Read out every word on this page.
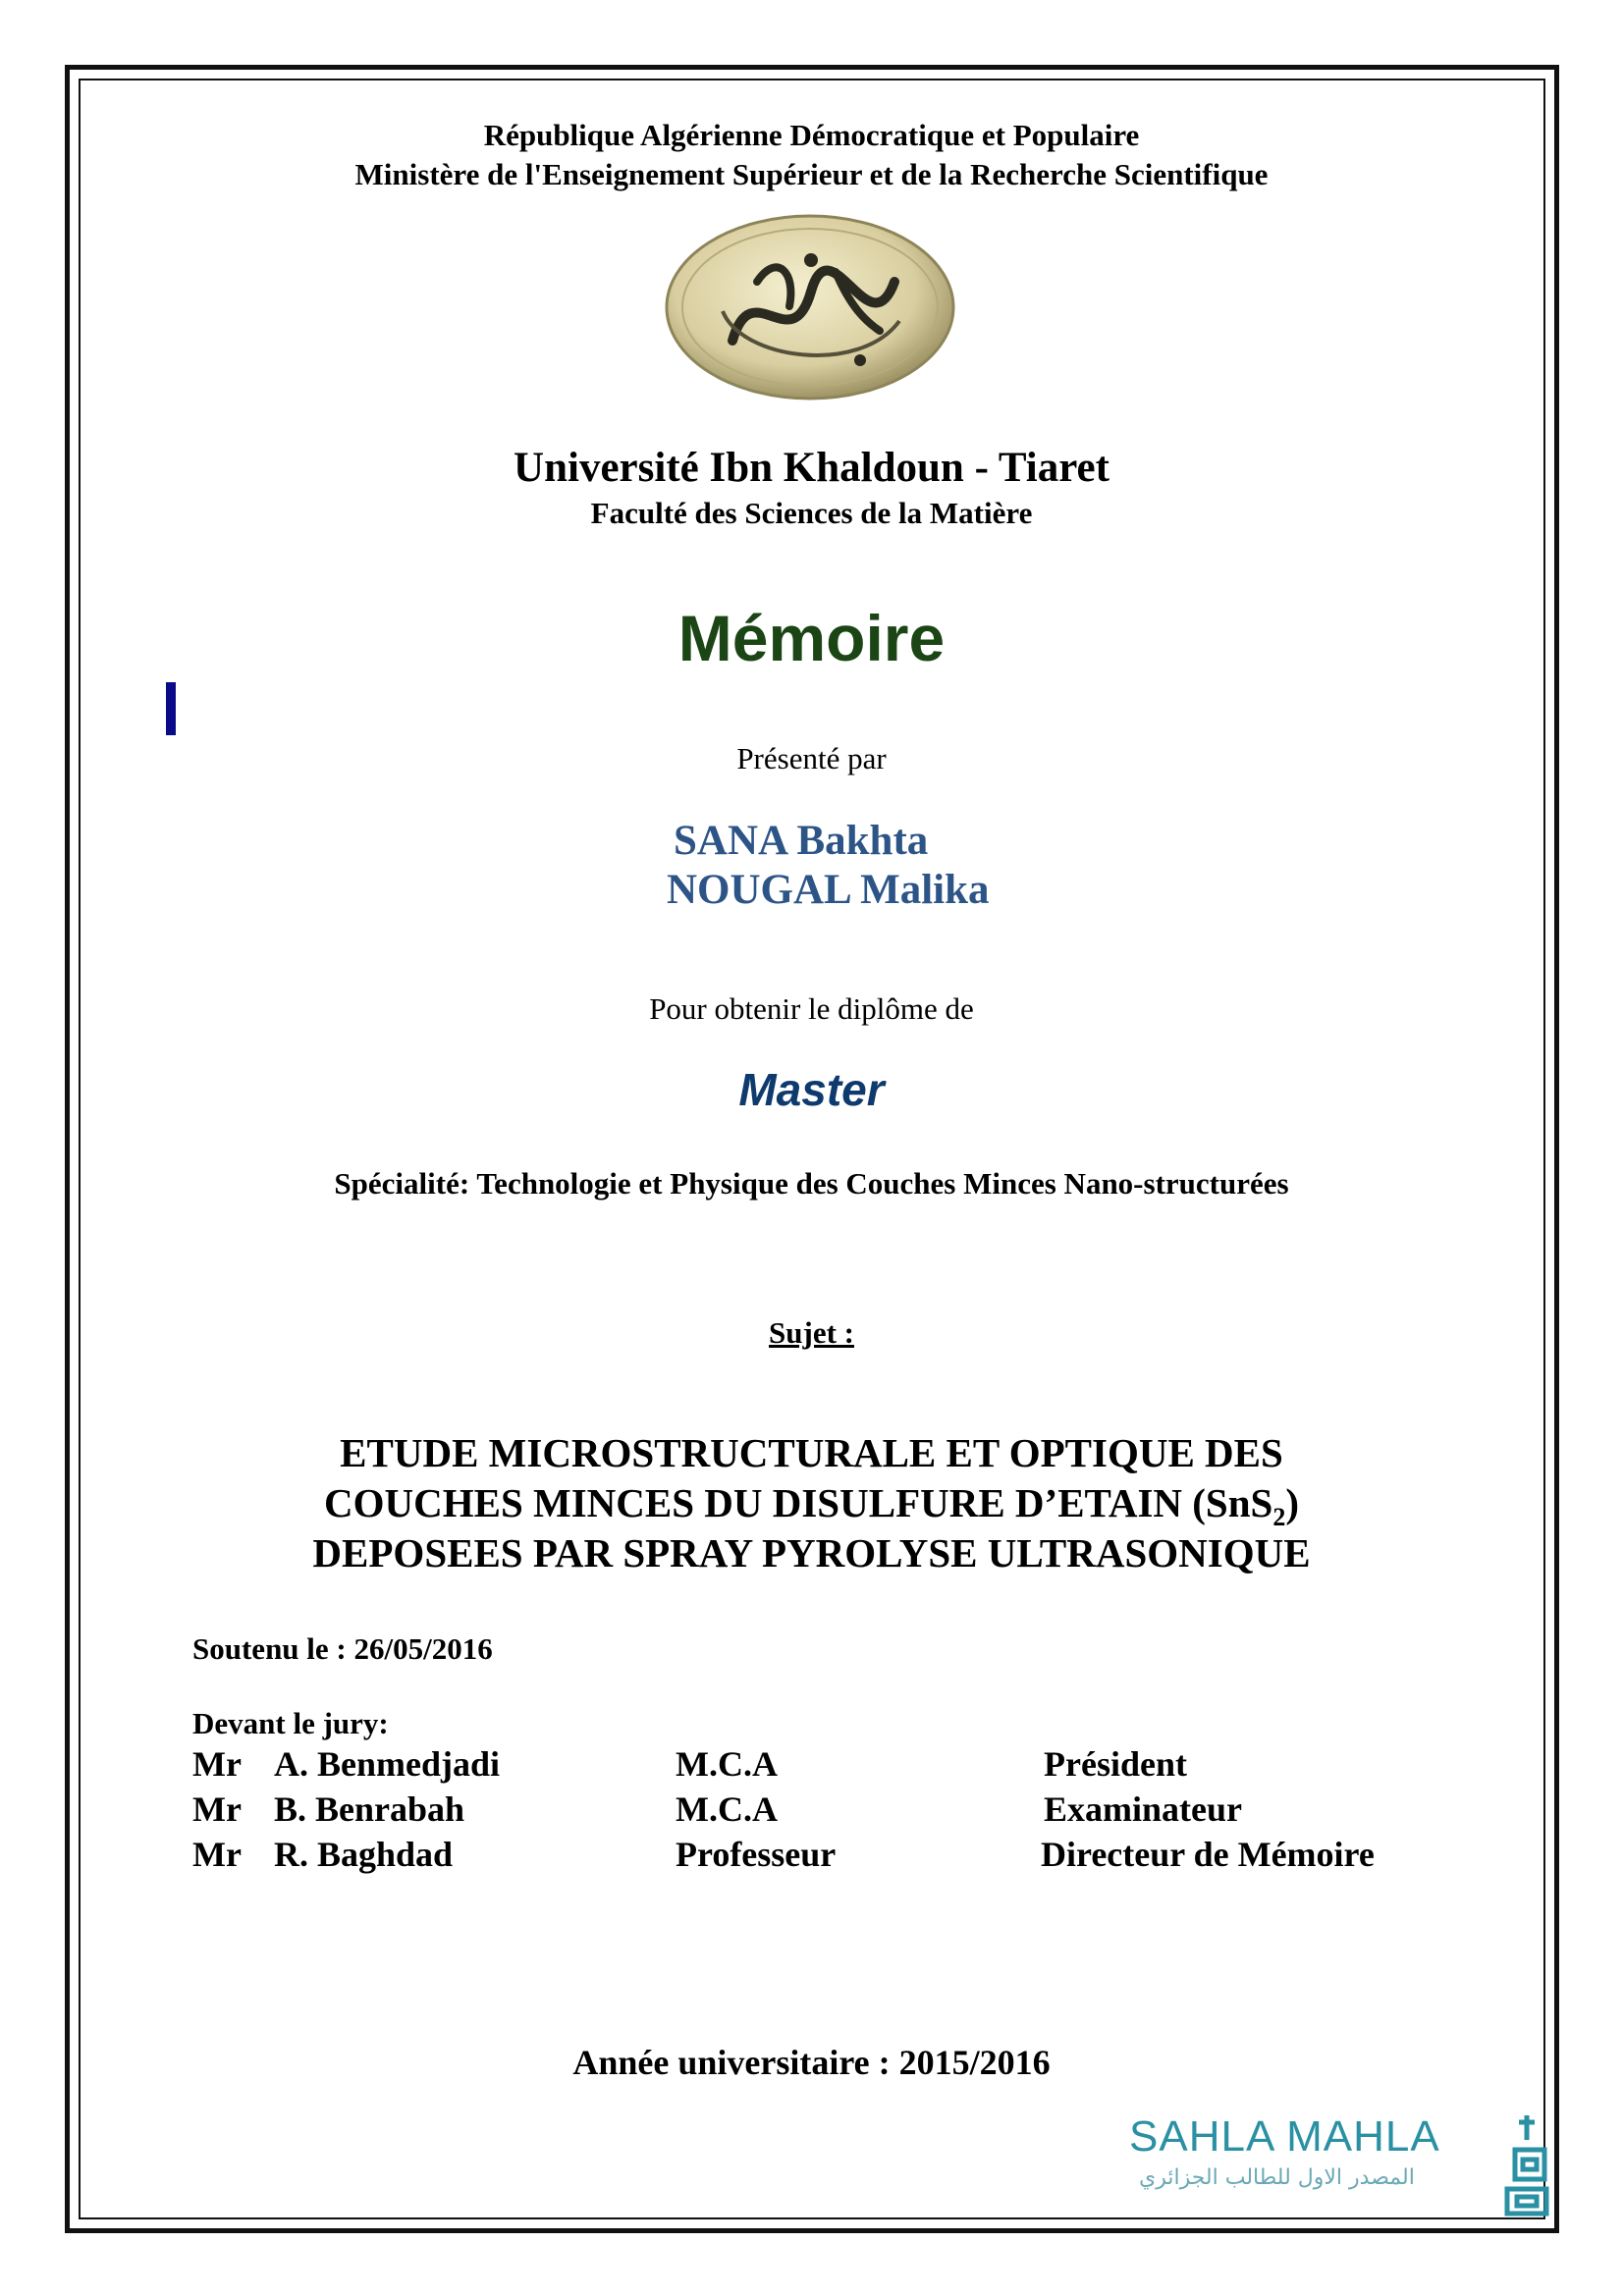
République Algérienne Démocratique et Populaire
Ministère de l'Enseignement Supérieur et de la Recherche Scientifique
Université Ibn Khaldoun - Tiaret
Faculté des Sciences de la Matière
Mémoire
Présenté par
SANA Bakhta
NOUGAL Malika
Pour obtenir le diplôme de
Master
Spécialité: Technologie et Physique des Couches Minces Nano-structurées
Sujet :
ETUDE MICROSTRUCTURALE ET OPTIQUE DES
COUCHES MINCES DU DISULFURE D’ETAIN (SnS$_2$)
DEPOSEES PAR SPRAY PYROLYSE ULTRASONIQUE
Soutenu le : 26/05/2016
Devant le jury:
Mr A. Benmedjadi	M.C.A	Président
Mr B. Benrabah	M.C.A	Examinateur
Mr R. Baghdad	Professeur	Directeur de Mémoire
Année universitaire : 2015/2016
SAHLA MAHLA
المصدر الاول للطالب الجزائري
